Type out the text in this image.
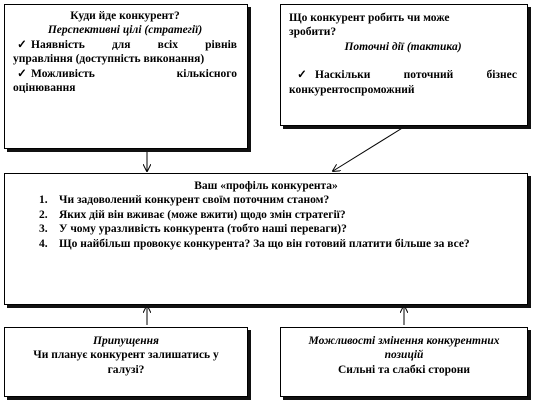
Куди йде конкурент?
Перспективні цілі (стратегії)
✓ Наявність для всіх рівнів
управління (доступність виконання)
✓ Можливість кількісного
оцінювання
Що конкурент робить чи може
зробити?
Поточні дії (тактика)
✓ Наскільки поточний бізнес
конкурентоспроможний
Ваш «профіль конкурента»
1. Чи задоволений конкурент своїм поточним станом?
2. Яких дій він вживає (може вжити) щодо змін стратегії?
3. У чому уразливість конкурента (тобто наші переваги)?
4. Що найбільш провокує конкурента? За що він готовий платити більше за все?
Припущення
Чи планує конкурент залишатись у
галузі?
Можливості змінення конкурентних
позицій
Сильні та слабкі сторони
